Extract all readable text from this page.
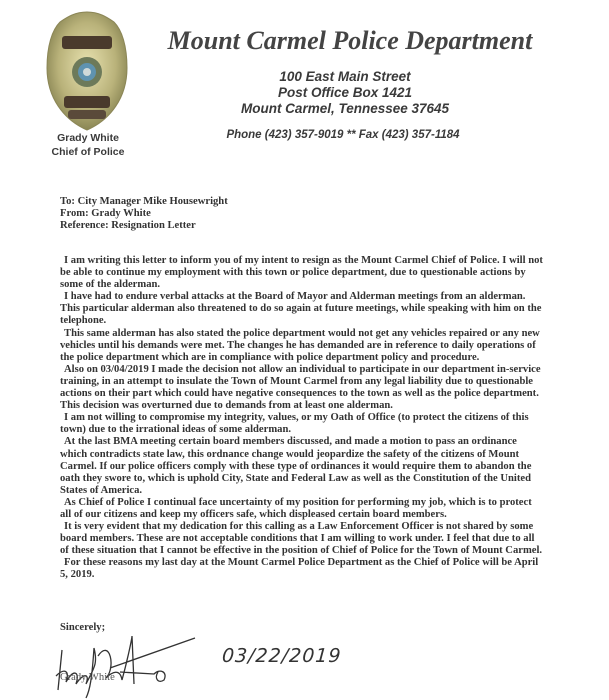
Mount Carmel Police Department
100 East Main Street
Post Office Box 1421
Mount Carmel, Tennessee 37645
Phone (423) 357-9019 ** Fax (423) 357-1184
Grady White
Chief of Police
To: City Manager Mike Housewright
From: Grady White
Reference: Resignation Letter
I am writing this letter to inform you of my intent to resign as the Mount Carmel Chief of Police. I will not
be able to continue my employment with this town or police department, due to questionable actions by
some of the alderman.
I have had to endure verbal attacks at the Board of Mayor and Alderman meetings from an alderman.
This particular alderman also threatened to do so again at future meetings, while speaking with him on the
telephone.
This same alderman has also stated the police department would not get any vehicles repaired or any new
vehicles until his demands were met. The changes he has demanded are in reference to daily operations of
the police department which are in compliance with police department policy and procedure.
Also on 03/04/2019 I made the decision not allow an individual to participate in our department in-service
training, in an attempt to insulate the Town of Mount Carmel from any legal liability due to questionable
actions on their part which could have negative consequences to the town as well as the police department.
This decision was overturned due to demands from at least one alderman.
I am not willing to compromise my integrity, values, or my Oath of Office (to protect the citizens of this
town) due to the irrational ideas of some alderman.
At the last BMA meeting certain board members discussed, and made a motion to pass an ordinance
which contradicts state law, this ordnance change would jeopardize the safety of the citizens of Mount
Carmel. If our police officers comply with these type of ordinances it would require them to abandon the
oath they swore to, which is uphold City, State and Federal Law as well as the Constitution of the United
States of America.
As Chief of Police I continual face uncertainty of my position for performing my job, which is to protect
all of our citizens and keep my officers safe, which displeased certain board members.
It is very evident that my dedication for this calling as a Law Enforcement Officer is not shared by some
board members. These are not acceptable conditions that I am willing to work under. I feel that due to all
of these situation that I cannot be effective in the position of Chief of Police for the Town of Mount Carmel.
For these reasons my last day at the Mount Carmel Police Department as the Chief of Police will be April
5, 2019.
Sincerely;
Grady White
03/22/2019
